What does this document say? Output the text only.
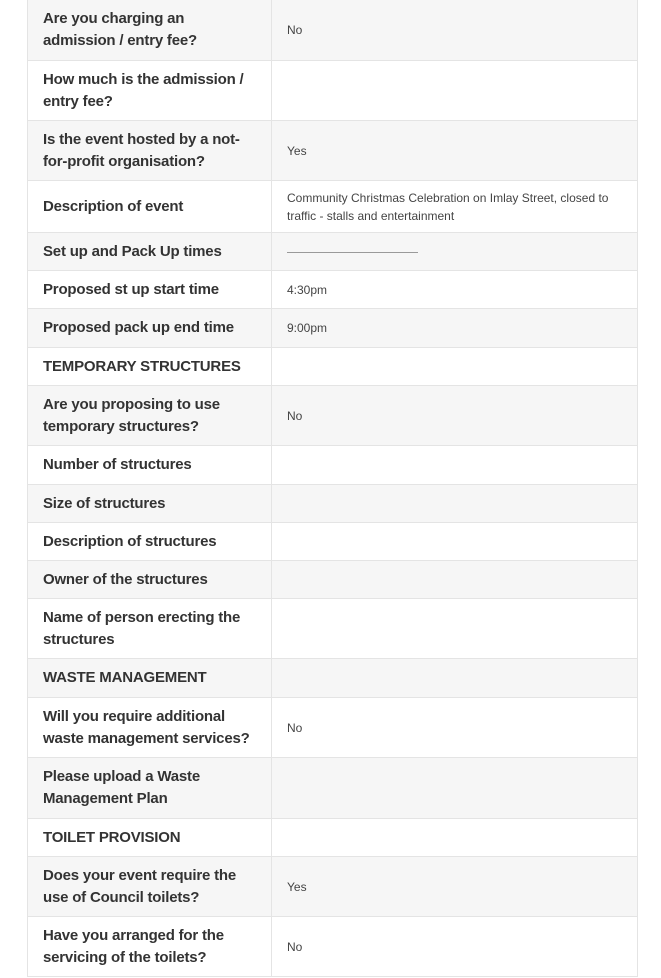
Are you charging an admission / entry fee?	No
How much is the admission / entry fee?	
Is the event hosted by a not-for-profit organisation?	Yes
Description of event	Community Christmas Celebration on Imlay Street, closed to traffic - stalls and entertainment
Set up and Pack Up times	
Proposed st up start time	4:30pm
Proposed pack up end time	9:00pm
TEMPORARY STRUCTURES	
Are you proposing to use temporary structures?	No
Number of structures	
Size of structures	
Description of structures	
Owner of the structures	
Name of person erecting the structures	
WASTE MANAGEMENT	
Will you require additional waste management services?	No
Please upload a Waste Management Plan	
TOILET PROVISION	
Does your event require the use of Council toilets?	Yes
Have you arranged for the servicing of the toilets?	No
